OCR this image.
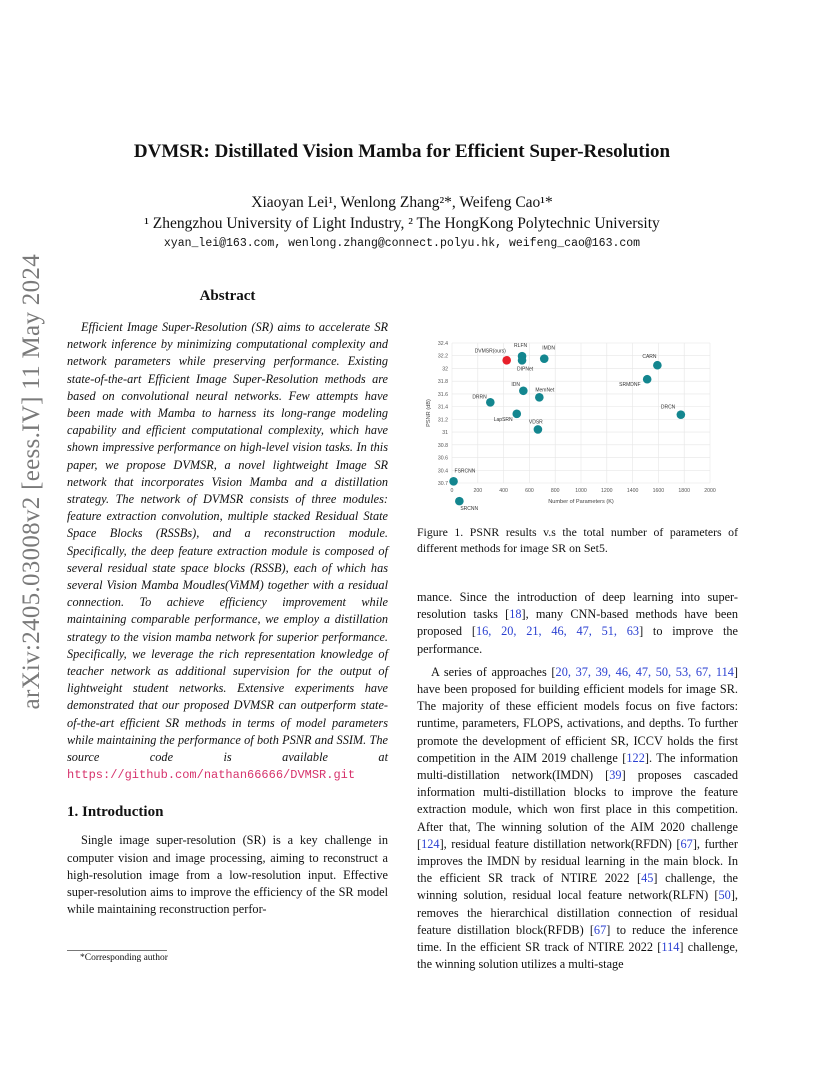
arXiv:2405.03008v2 [eess.IV] 11 May 2024
DVMSR: Distillated Vision Mamba for Efficient Super-Resolution
Xiaoyan Lei¹, Wenlong Zhang²*, Weifeng Cao¹*
¹ Zhengzhou University of Light Industry, ² The HongKong Polytechnic University
xyan_lei@163.com, wenlong.zhang@connect.polyu.hk, weifeng_cao@163.com
Abstract

Efficient Image Super-Resolution (SR) aims to accelerate SR network inference by minimizing computational complexity and network parameters while preserving performance. Existing state-of-the-art Efficient Image Super-Resolution methods are based on convolutional neural networks. Few attempts have been made with Mamba to harness its long-range modeling capability and efficient computational complexity, which have shown impressive performance on high-level vision tasks. In this paper, we propose DVMSR, a novel lightweight Image SR network that incorporates Vision Mamba and a distillation strategy. The network of DVMSR consists of three modules: feature extraction convolution, multiple stacked Residual State Space Blocks (RSSBs), and a reconstruction module. Specifically, the deep feature extraction module is composed of several residual state space blocks (RSSB), each of which has several Vision Mamba Moudles(ViMM) together with a residual connection. To achieve efficiency improvement while maintaining comparable performance, we employ a distillation strategy to the vision mamba network for superior performance. Specifically, we leverage the rich representation knowledge of teacher network as additional supervision for the output of lightweight student networks. Extensive experiments have demonstrated that our proposed DVMSR can outperform state-of-the-art efficient SR methods in terms of model parameters while maintaining the performance of both PSNR and SSIM. The source code is available at https://github.com/nathan66666/DVMSR.git

1. Introduction

Single image super-resolution (SR) is a key challenge in computer vision and image processing, aiming to reconstruct a high-resolution image from a low-resolution input. Effective super-resolution aims to improve the efficiency of the SR model while maintaining reconstruction perfor-

*Corresponding author
30.7
30.4
30.6
30.8
31
31.2
31.4
31.6
31.8
32
32.2
32.4
0	200	400	600	800	1000	1200	1400	1600	1800	2000
Number of Parameters (K)
PSNR (dB)
DVMSR(ours)
RLFN	IMDN
DIPNet
CARN
IDN
MemNet
DRRN
SRMDNF
DRCN
LapSRN	VDSR
FSRCNN
SRCNN
Figure 1. PSNR results v.s the total number of parameters of different methods for image SR on Set5.

mance. Since the introduction of deep learning into super-resolution tasks [18], many CNN-based methods have been proposed [16, 20, 21, 46, 47, 51, 63] to improve the performance.

A series of approaches [20, 37, 39, 46, 47, 50, 53, 67, 114] have been proposed for building efficient models for image SR. The majority of these efficient models focus on five factors: runtime, parameters, FLOPS, activations, and depths. To further promote the development of efficient SR, ICCV holds the first competition in the AIM 2019 challenge [122]. The information multi-distillation network(IMDN) [39] proposes cascaded information multi-distillation blocks to improve the feature extraction module, which won first place in this competition. After that, The winning solution of the AIM 2020 challenge [124], residual feature distillation network(RFDN) [67], further improves the IMDN by residual learning in the main block. In the efficient SR track of NTIRE 2022 [45] challenge, the winning solution, residual local feature network(RLFN) [50], removes the hierarchical distillation connection of residual feature distillation block(RFDB) [67] to reduce the inference time. In the efficient SR track of NTIRE 2022 [114] challenge, the winning solution utilizes a multi-stage
